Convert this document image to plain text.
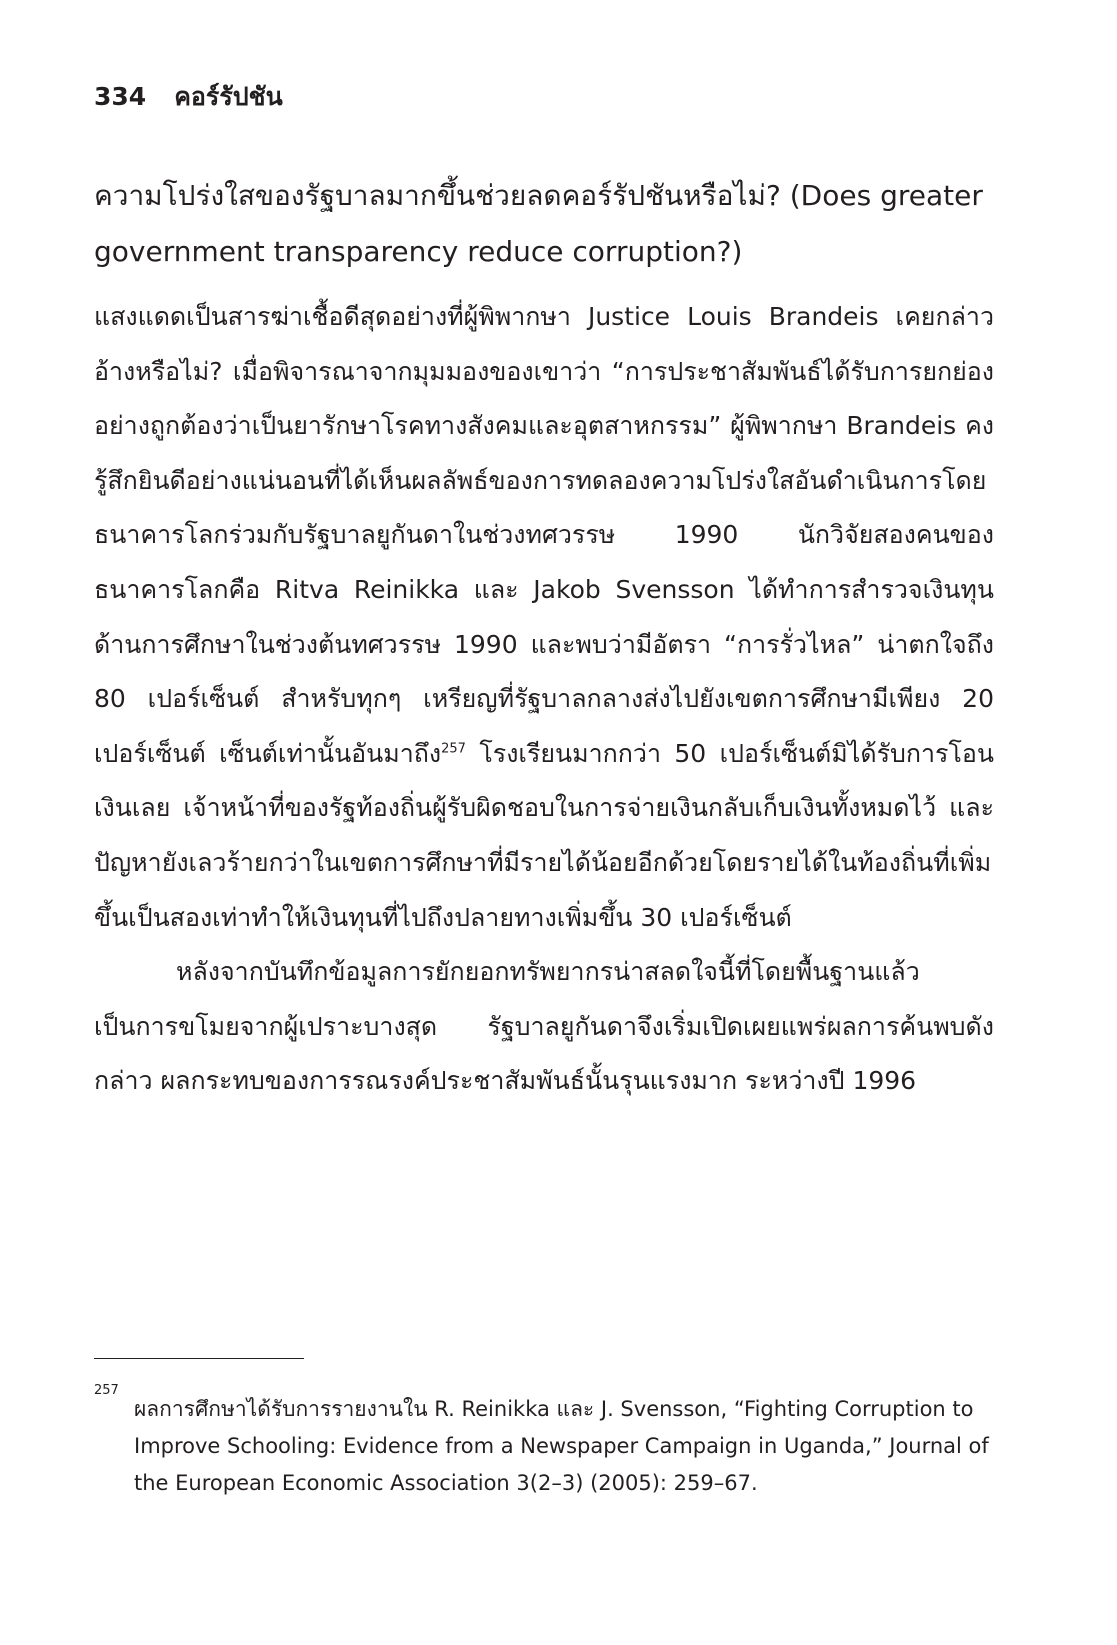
334 คอร์รัปชัน
ความโปร่งใสของรัฐบาลมากขึ้นช่วยลดคอร์รัปชันหรือไม่? (Does greater government transparency reduce corruption?)

แสงแดดเป็นสารฆ่าเชื้อดีสุดอย่างที่ผู้พิพากษา Justice Louis Brandeis เคยกล่าวอ้างหรือไม่? เมื่อพิจารณาจากมุมมองของเขาว่า “การประชาสัมพันธ์ได้รับการยกย่องอย่างถูกต้องว่าเป็นยารักษาโรคทางสังคมและอุตสาหกรรม” ผู้พิพากษา Brandeis คงรู้สึกยินดีอย่างแน่นอนที่ได้เห็นผลลัพธ์ของการทดลองความโปร่งใสอันดำเนินการโดยธนาคารโลกร่วมกับรัฐบาลยูกันดาในช่วงทศวรรษ 1990 นักวิจัยสองคนของธนาคารโลกคือ Ritva Reinikka และ Jakob Svensson ได้ทำการสำรวจเงินทุนด้านการศึกษาในช่วงต้นทศวรรษ 1990 และพบว่ามีอัตรา “การรั่วไหล” น่าตกใจถึง 80 เปอร์เซ็นต์ สำหรับทุกๆ เหรียญที่รัฐบาลกลางส่งไปยังเขตการศึกษามีเพียง 20 เปอร์เซ็นต์ เซ็นต์เท่านั้นอันมาถึง$^{257}$ โรงเรียนมากกว่า 50 เปอร์เซ็นต์มิได้รับการโอนเงินเลย เจ้าหน้าที่ของรัฐท้องถิ่นผู้รับผิดชอบในการจ่ายเงินกลับเก็บเงินทั้งหมดไว้ และปัญหายังเลวร้ายกว่าในเขตการศึกษาที่มีรายได้น้อยอีกด้วยโดยรายได้ในท้องถิ่นที่เพิ่มขึ้นเป็นสองเท่าทำให้เงินทุนที่ไปถึงปลายทางเพิ่มขึ้น 30 เปอร์เซ็นต์

หลังจากบันทึกข้อมูลการยักยอกทรัพยากรน่าสลดใจนี้ที่โดยพื้นฐานแล้วเป็นการขโมยจากผู้เปราะบางสุด รัฐบาลยูกันดาจึงเริ่มเปิดเผยแพร่ผลการค้นพบดังกล่าว ผลกระทบของการรณรงค์ประชาสัมพันธ์นั้นรุนแรงมาก ระหว่างปี 1996

257
ผลการศึกษาได้รับการรายงานใน R. Reinikka และ J. Svensson, “Fighting Corruption to Improve Schooling: Evidence from a Newspaper Campaign in Uganda,” Journal of the European Economic Association 3(2–3) (2005): 259–67.
